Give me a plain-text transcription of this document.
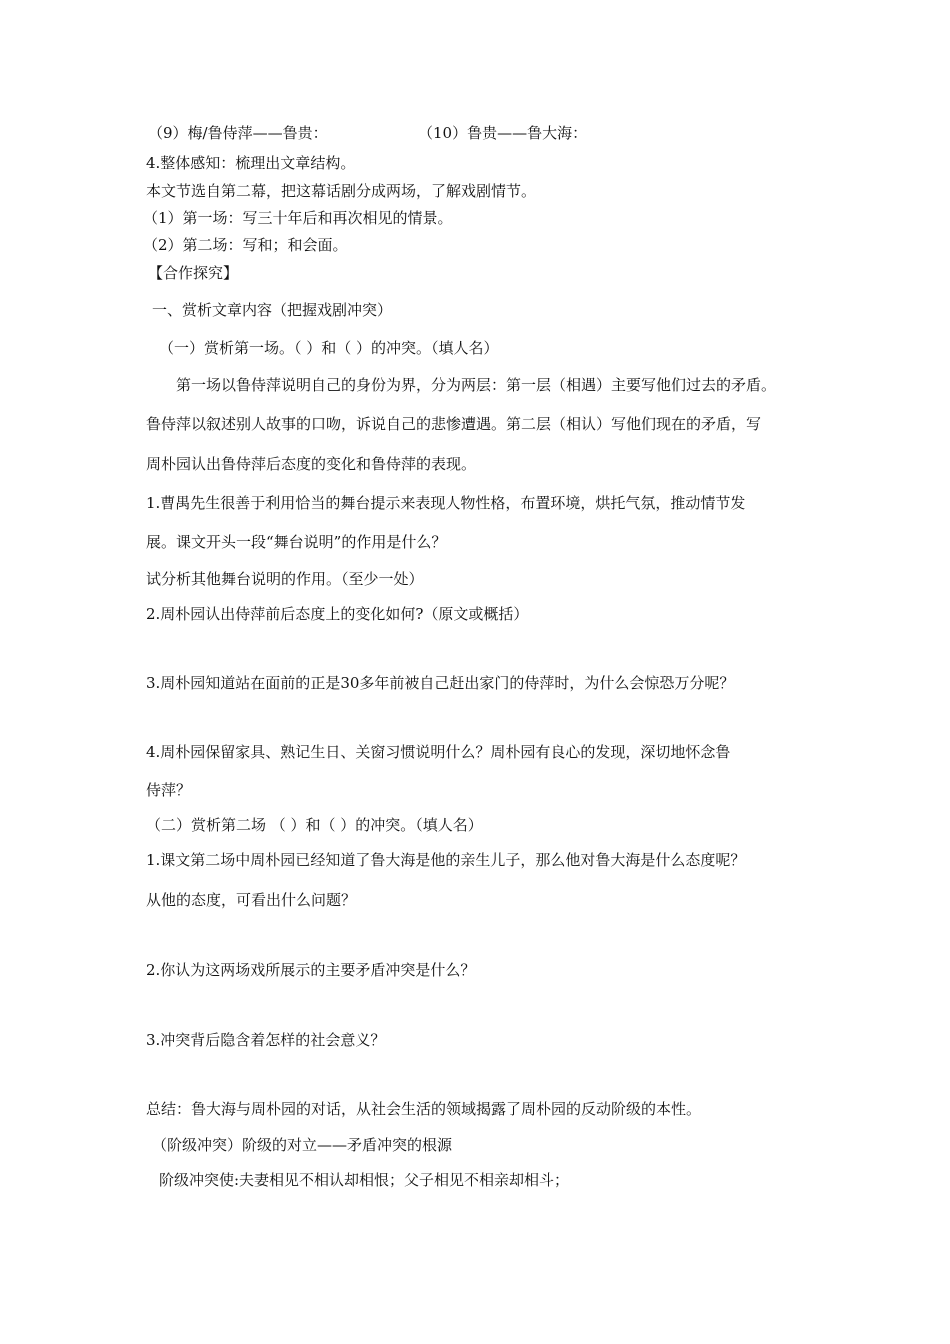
（9）梅/鲁侍萍——鲁贵：	（10）鲁贵——鲁大海：
4.整体感知：梳理出文章结构。
本文节选自第二幕，把这幕话剧分成两场，了解戏剧情节。
（1）第一场：写三十年后和再次相见的情景。
（2）第二场：写和；和会面。
【合作探究】
一、赏析文章内容（把握戏剧冲突）
（一）赏析第一场。（ ）和（ ）的冲突。（填人名）
第一场以鲁侍萍说明自己的身份为界，分为两层：第一层（相遇）主要写他们过去的矛盾。
鲁侍萍以叙述别人故事的口吻，诉说自己的悲惨遭遇。第二层（相认）写他们现在的矛盾，写
周朴园认出鲁侍萍后态度的变化和鲁侍萍的表现。
1.曹禺先生很善于利用恰当的舞台提示来表现人物性格，布置环境，烘托气氛，推动情节发
展。课文开头一段“舞台说明”的作用是什么？
试分析其他舞台说明的作用。（至少一处）
2.周朴园认出侍萍前后态度上的变化如何?（原文或概括）
3.周朴园知道站在面前的正是30多年前被自己赶出家门的侍萍时，为什么会惊恐万分呢？
4.周朴园保留家具、熟记生日、关窗习惯说明什么？周朴园有良心的发现，深切地怀念鲁
侍萍？
（二）赏析第二场 （ ）和（ ）的冲突。（填人名）
1.课文第二场中周朴园已经知道了鲁大海是他的亲生儿子，那么他对鲁大海是什么态度呢？
从他的态度，可看出什么问题？
2.你认为这两场戏所展示的主要矛盾冲突是什么？
3.冲突背后隐含着怎样的社会意义？
总结：鲁大海与周朴园的对话，从社会生活的领域揭露了周朴园的反动阶级的本性。
（阶级冲突）阶级的对立——矛盾冲突的根源
阶级冲突使:夫妻相见不相认却相恨；父子相见不相亲却相斗；
